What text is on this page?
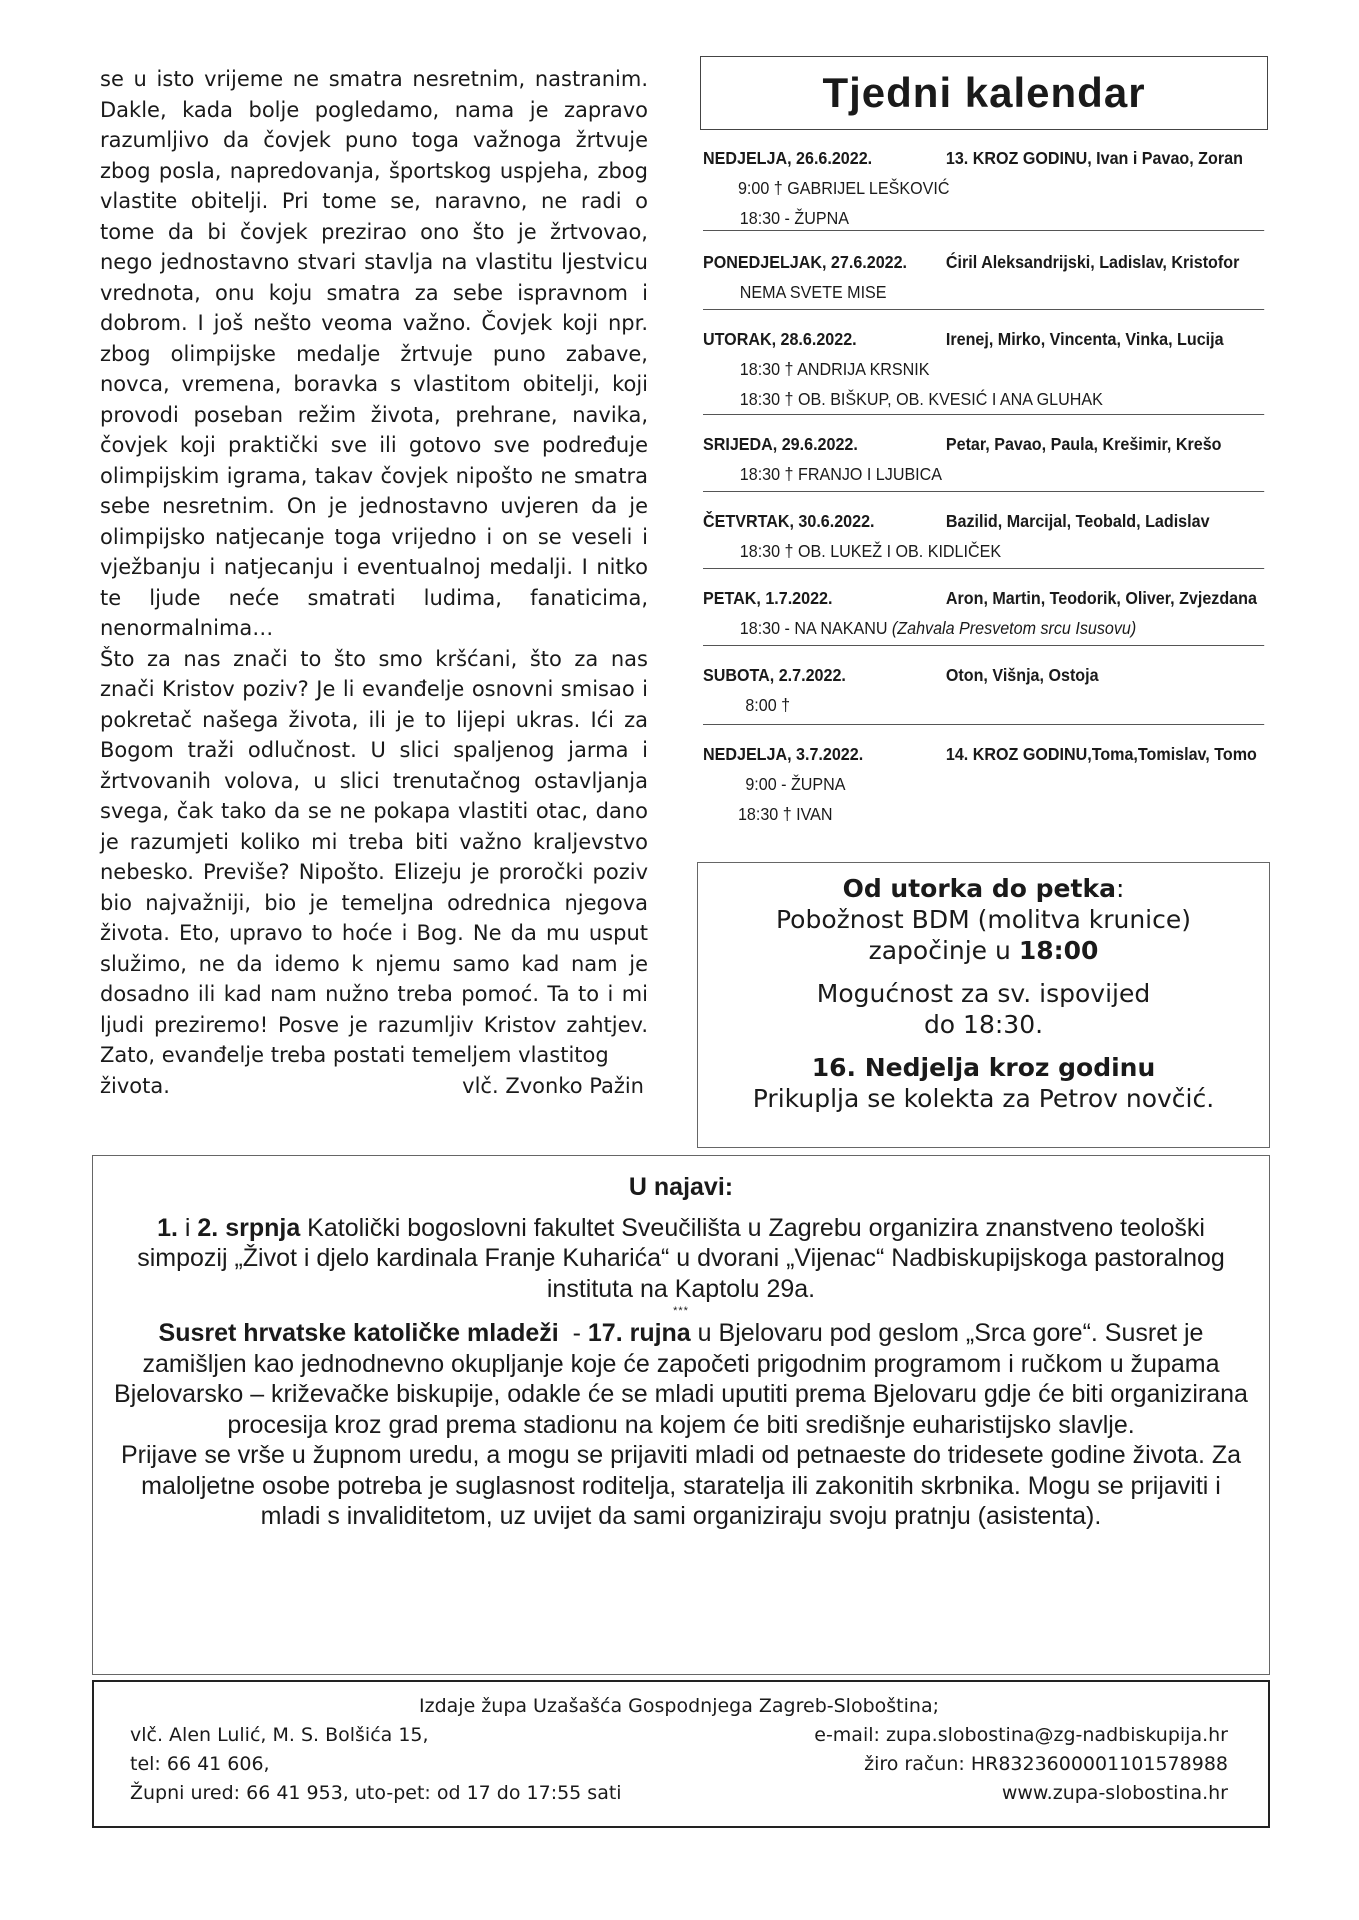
se u isto vrijeme ne smatra nesretnim, nastranim. Dakle, kada bolje pogledamo, nama je zapravo razumljivo da čovjek puno toga važnoga žrtvuje zbog posla, napredovanja, športskog uspjeha, zbog vlastite obitelji. Pri tome se, naravno, ne radi o tome da bi čovjek prezirao ono što je žrtvovao, nego jednostavno stvari stavlja na vlastitu ljestvicu vrednota, onu koju smatra za sebe ispravnom i dobrom. I još nešto veoma važno. Čovjek koji npr. zbog olimpijske medalje žrtvuje puno zabave, novca, vremena, boravka s vlastitom obitelji, koji provodi poseban režim života, prehrane, navika, čovjek koji praktički sve ili gotovo sve podređuje olimpijskim igrama, takav čovjek nipošto ne smatra sebe nesretnim. On je jednostavno uvjeren da je olimpijsko natjecanje toga vrijedno i on se veseli i vježbanju i natjecanju i eventualnoj medalji. I nitko te ljude neće smatrati ludima, fanaticima, nenormalnima…

Što za nas znači to što smo kršćani, što za nas znači Kristov poziv? Je li evanđelje osnovni smisao i pokretač našega života, ili je to lijepi ukras. Ići za Bogom traži odlučnost. U slici spaljenog jarma i žrtvovanih volova, u slici trenutačnog ostavljanja svega, čak tako da se ne pokapa vlastiti otac, dano je razumjeti koliko mi treba biti važno kraljevstvo nebesko. Previše? Nipošto. Elizeju je proročki poziv bio najvažniji, bio je temeljna odrednica njegova života. Eto, upravo to hoće i Bog. Ne da mu usput služimo, ne da idemo k njemu samo kad nam je dosadno ili kad nam nužno treba pomoć. Ta to i mi ljudi preziremo! Posve je razumljiv Kristov zahtjev. Zato, evanđelje treba postati temeljem vlastitog

života.	vlč. Zvonko Pažin
Tjedni kalendar
NEDJELJA, 26.6.2022.	13. KROZ GODINU, Ivan i Pavao, Zoran
9:00 † GABRIJEL LEŠKOVIĆ
18:30 - ŽUPNA
PONEDJELJAK, 27.6.2022. Ćiril Aleksandrijski, Ladislav, Kristofor
NEMA SVETE MISE
UTORAK, 28.6.2022.	Irenej, Mirko, Vincenta, Vinka, Lucija
18:30 † ANDRIJA KRSNIK
18:30 † OB. BIŠKUP, OB. KVESIĆ I ANA GLUHAK
SRIJEDA, 29.6.2022.	Petar, Pavao, Paula, Krešimir, Krešo
18:30 † FRANJO I LJUBICA
ČETVRTAK, 30.6.2022.	Bazilid, Marcijal, Teobald, Ladislav
18:30 † OB. LUKEŽ I OB. KIDLIČEK
PETAK, 1.7.2022.	Aron, Martin, Teodorik, Oliver, Zvjezdana
18:30 - NA NAKANU (Zahvala Presvetom srcu Isusovu)
SUBOTA, 2.7.2022.	Oton, Višnja, Ostoja
8:00 †
NEDJELJA, 3.7.2022.	14. KROZ GODINU,Toma,Tomislav, Tomo
9:00 - ŽUPNA
18:30 † IVAN
Od utorka do petka:
Pobožnost BDM (molitva krunice)
započinje u 18:00
Mogućnost za sv. ispovijed
do 18:30.
16. Nedjelja kroz godinu
Prikuplja se kolekta za Petrov novčić.

U najavi:

1. i 2. srpnja Katolički bogoslovni fakultet Sveučilišta u Zagrebu organizira znanstveno teološki simpozij „Život i djelo kardinala Franje Kuharića“ u dvorani „Vijenac“ Nadbiskupijskoga pastoralnog instituta na Kaptolu 29a.

***

Susret hrvatske katoličke mladeži  - 17. rujna u Bjelovaru pod geslom „Srca gore“. Susret je zamišljen kao jednodnevno okupljanje koje će započeti prigodnim programom i ručkom u župama Bjelovarsko – križevačke biskupije, odakle će se mladi uputiti prema Bjelovaru gdje će biti organizirana procesija kroz grad prema stadionu na kojem će biti središnje euharistijsko slavlje.

Prijave se vrše u župnom uredu, a mogu se prijaviti mladi od petnaeste do tridesete godine života. Za maloljetne osobe potreba je suglasnost roditelja, staratelja ili zakonitih skrbnika. Mogu se prijaviti i mladi s invaliditetom, uz uvijet da sami organiziraju svoju pratnju (asistenta).

Izdaje župa Uzašašća Gospodnjega Zagreb-Sloboština;
vlč. Alen Lulić, M. S. Bolšića 15,	e-mail: zupa.slobostina@zg-nadbiskupija.hr
tel: 66 41 606,	žiro račun: HR8323600001101578988
Župni ured: 66 41 953, uto-pet: od 17 do 17:55 sati	www.zupa-slobostina.hr
